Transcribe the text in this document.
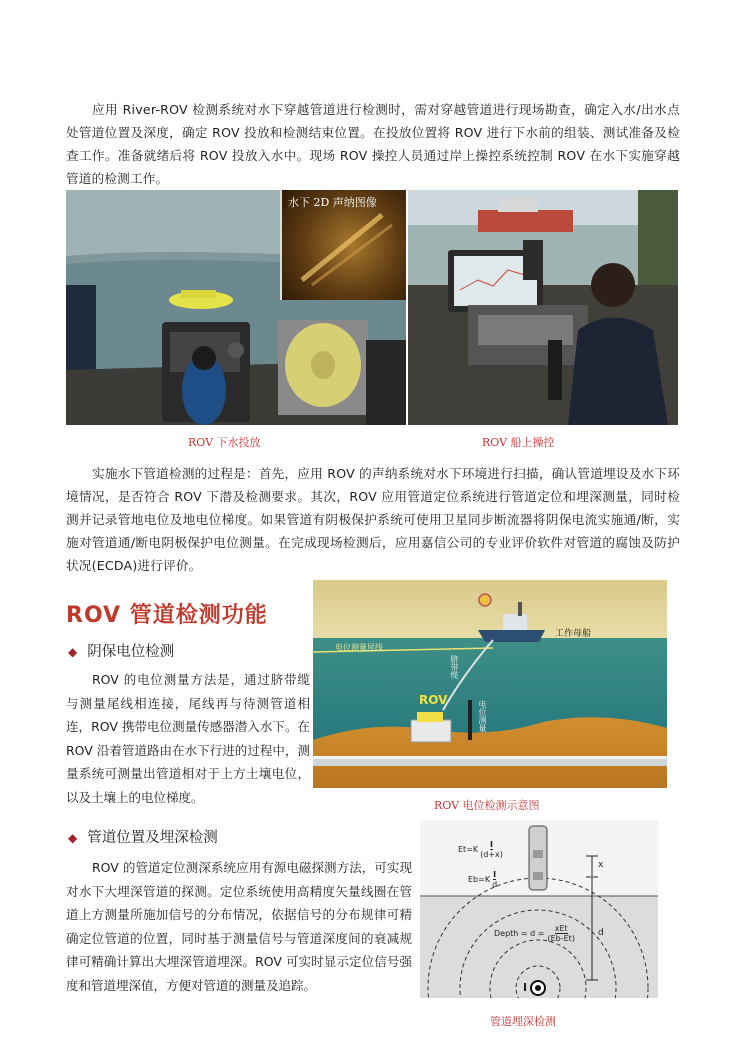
应用 River-ROV 检测系统对水下穿越管道进行检测时，需对穿越管道进行现场勘查，确定入水/出水点处管道位置及深度，确定 ROV 投放和检测结束位置。在投放位置将 ROV 进行下水前的组装、测试准备及检查工作。准备就绪后将 ROV 投放入水中。现场 ROV 操控人员通过岸上操控系统控制 ROV 在水下实施穿越管道的检测工作。

水下 2D 声纳图像
ROV 下水投放	ROV 船上操控

实施水下管道检测的过程是：首先，应用 ROV 的声纳系统对水下环境进行扫描，确认管道埋设及水下环境情况，是否符合 ROV 下潜及检测要求。其次，ROV 应用管道定位系统进行管道定位和埋深测量，同时检测并记录管地电位及地电位梯度。如果管道有阴极保护系统可使用卫星同步断流器将阴保电流实施通/断，实施对管道通/断电阴极保护电位测量。在完成现场检测后，应用嘉信公司的专业评价软件对管道的腐蚀及防护状况(ECDA)进行评价。

ROV 管道检测功能
◆ 阴保电位检测

ROV 的电位测量方法是，通过脐带缆与测量尾线相连接，尾线再与待测管道相连，ROV 携带电位测量传感器潜入水下。在 ROV 沿着管道路由在水下行进的过程中，测量系统可测量出管道相对于上方土壤电位，以及土壤上的电位梯度。

工作母船
电位测量尾线
脐带缆
ROV	电位测量
ROV 电位检测示意图
◆ 管道位置及埋深检测

ROV 的管道定位测深系统应用有源电磁探测方法，可实现对水下大埋深管道的探测。定位系统使用高精度矢量线圈在管道上方测量所施加信号的分布情况，依据信号的分布规律可精确定位管道的位置，同时基于测量信号与管道深度间的衰减规律可精确计算出大埋深管道埋深。ROV 可实时显示定位信号强度和管道埋深值，方便对管道的测量及追踪。

Et=K
I
(d+x)
Eb=K
I
d
Depth = d =
xEt
(Eb-Et)
x
d
I
管道埋深检测
